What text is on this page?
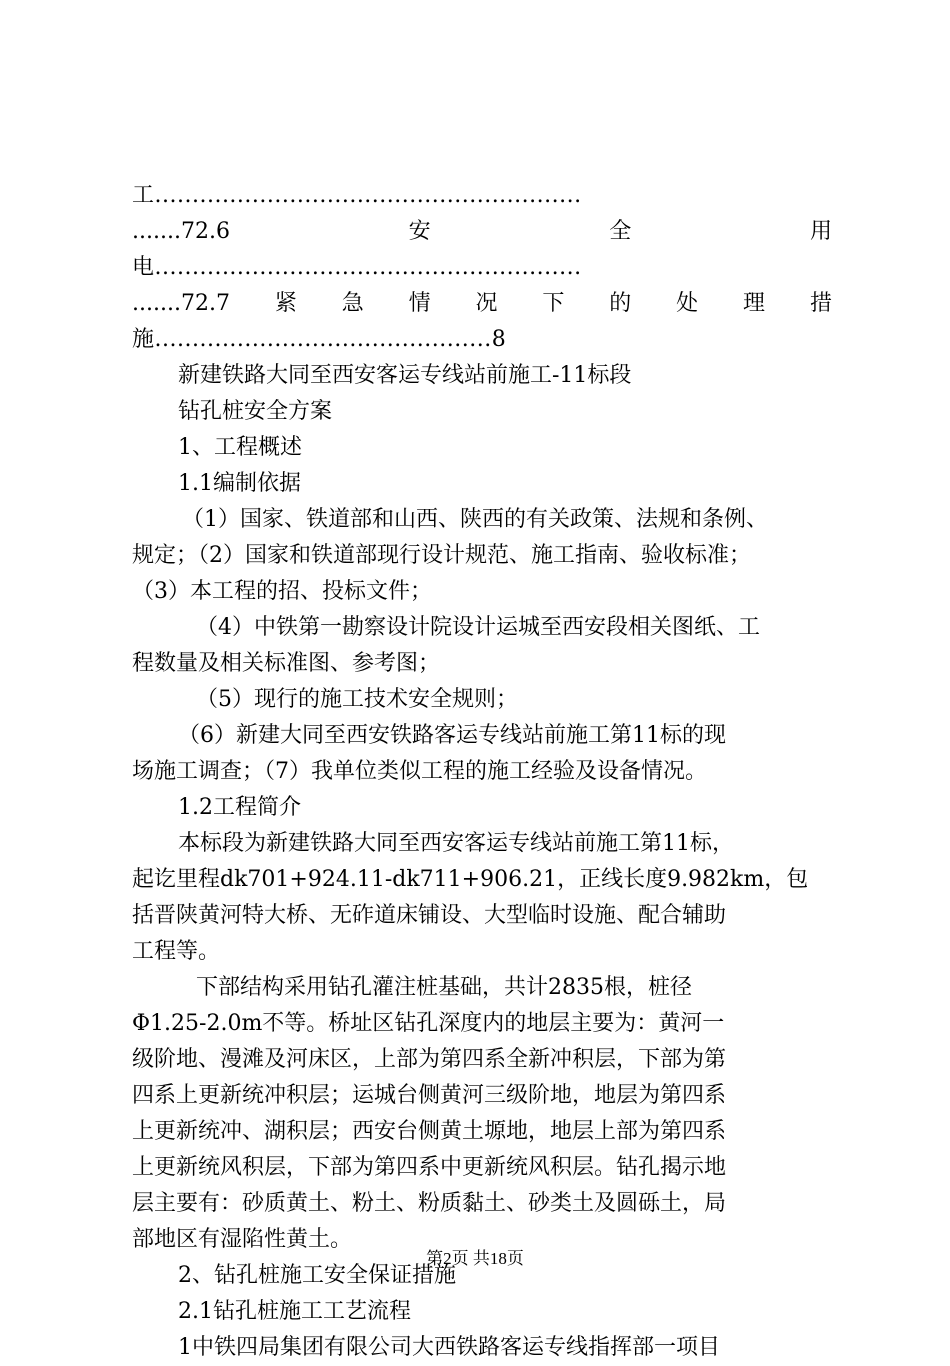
工.........................................................
.......72.6	安	全	用
电.........................................................
.......72.7 紧 急 情 况 下 的 处 理 措
施.............................................8
新建铁路大同至西安客运专线站前施工-11标段
钻孔桩安全方案
1、工程概述
1.1编制依据
（1）国家、铁道部和山西、陕西的有关政策、法规和条例、
规定；（2）国家和铁道部现行设计规范、施工指南、验收标准；
（3）本工程的招、投标文件；
（4）中铁第一勘察设计院设计运城至西安段相关图纸、工
程数量及相关标准图、参考图；
（5）现行的施工技术安全规则；
（6）新建大同至西安铁路客运专线站前施工第11标的现
场施工调查；（7）我单位类似工程的施工经验及设备情况。
1.2工程简介
本标段为新建铁路大同至西安客运专线站前施工第11标，
起讫里程dk701+924.11-dk711+906.21，正线长度9.982km，包
括晋陕黄河特大桥、无砟道床铺设、大型临时设施、配合辅助
工程等。
下部结构采用钻孔灌注桩基础，共计2835根，桩径
Φ1.25-2.0m不等。桥址区钻孔深度内的地层主要为：黄河一
级阶地、漫滩及河床区，上部为第四系全新冲积层，下部为第
四系上更新统冲积层；运城台侧黄河三级阶地，地层为第四系
上更新统冲、湖积层；西安台侧黄土塬地，地层上部为第四系
上更新统风积层，下部为第四系中更新统风积层。钻孔揭示地
层主要有：砂质黄土、粉土、粉质黏土、砂类土及圆砾土，局
部地区有湿陷性黄土。
2、钻孔桩施工安全保证措施
2.1钻孔桩施工工艺流程
1中铁四局集团有限公司大西铁路客运专线指挥部一项目
第2页 共18页
